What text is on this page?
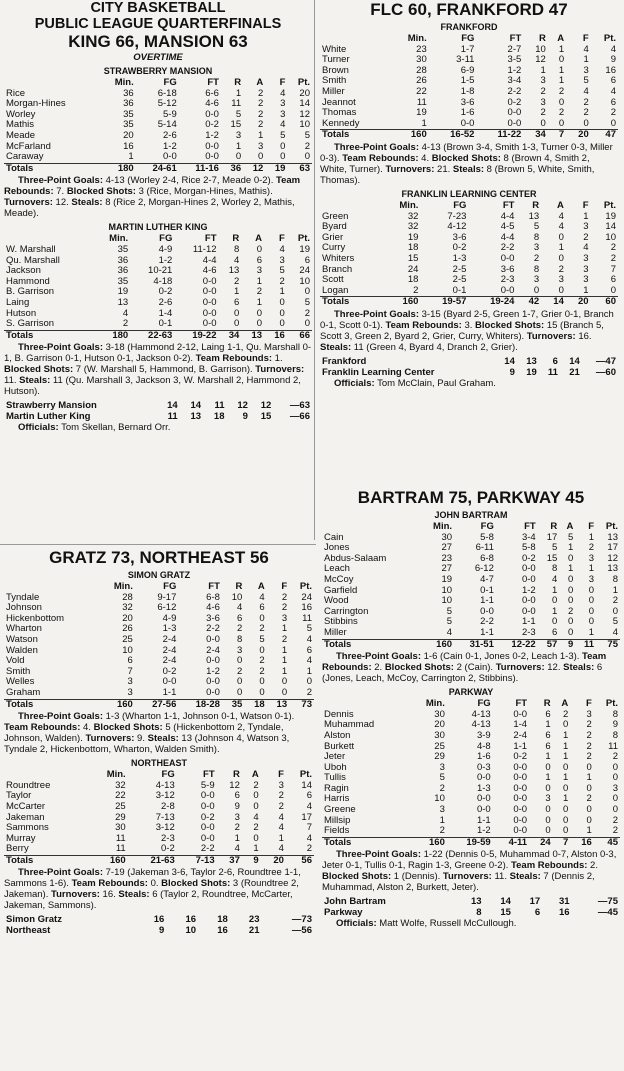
CITY BASKETBALL
PUBLIC LEAGUE QUARTERFINALS
KING 66, MANSION 63
OVERTIME
STRAWBERRY MANSION
	Min.	FG	FT	R	A	F	Pt.
Rice	36	6-18	6-6	1	2	4	20
Morgan-Hines	36	5-12	4-6	11	2	3	14
Worley	35	5-9	0-0	5	2	3	12
Mathis	35	5-14	0-2	15	2	4	10
Meade	20	2-6	1-2	3	1	5	5
McFarland	16	1-2	0-0	1	3	0	2
Caraway	1	0-0	0-0	0	0	0	0
Totals	180	24-61	11-16	36	12	19	63
Three-Point Goals: 4-13 (Worley 2-4, Rice 2-7, Meade 0-2). Team Rebounds: 7. Blocked Shots: 3 (Rice, Morgan-Hines, Mathis). Turnovers: 12. Steals: 8 (Rice 2, Morgan-Hines 2, Worley 2, Mathis, Meade).
MARTIN LUTHER KING
	Min.	FG	FT	R	A	F	Pt.
W. Marshall	35	4-9	11-12	8	0	4	19
Qu. Marshall	36	1-2	4-4	4	6	3	6
Jackson	36	10-21	4-6	13	3	5	24
Hammond	35	4-18	0-0	2	1	2	10
B. Garrison	19	0-2	0-0	1	2	1	0
Laing	13	2-6	0-0	6	1	0	5
Hutson	4	1-4	0-0	0	0	0	2
S. Garrison	2	0-1	0-0	0	0	0	0
Totals	180	22-63	19-22	34	13	16	66
Three-Point Goals: 3-18 (Hammond 2-12, Laing 1-1, Qu. Marshall 0-1, B. Garrison 0-1, Hutson 0-1, Jackson 0-2). Team Rebounds: 1. Blocked Shots: 7 (W. Marshall 5, Hammond, B. Garrison). Turnovers: 11. Steals: 11 (Qu. Marshall 3, Jackson 3, W. Marshall 2, Hammond 2, Hutson).
Strawberry Mansion	14	14	11	12	12	—63
Martin Luther King	11	13	18	9	15	—66
Officials: Tom Skellan, Bernard Orr.
FLC 60, FRANKFORD 47
FRANKFORD
	Min.	FG	FT	R	A	F	Pt.
White	23	1-7	2-7	10	1	4	4
Turner	30	3-11	3-5	12	0	1	9
Brown	28	6-9	1-2	1	1	3	16
Smith	26	1-5	3-4	3	1	5	6
Miller	22	1-8	2-2	2	2	4	4
Jeannot	11	3-6	0-2	3	0	2	6
Thomas	19	1-6	0-0	2	2	2	2
Kennedy	1	0-0	0-0	0	0	0	0
Totals	160	16-52	11-22	34	7	20	47
Three-Point Goals: 4-13 (Brown 3-4, Smith 1-3, Turner 0-3, Miller 0-3). Team Rebounds: 4. Blocked Shots: 8 (Brown 4, Smith 2, White, Turner). Turnovers: 21. Steals: 8 (Brown 5, White, Smith, Thomas).
FRANKLIN LEARNING CENTER
	Min.	FG	FT	R	A	F	Pt.
Green	32	7-23	4-4	13	4	1	19
Byard	32	4-12	4-5	5	4	3	14
Grier	19	3-6	4-4	8	0	2	10
Curry	18	0-2	2-2	3	1	4	2
Whiters	15	1-3	0-0	2	0	3	2
Branch	24	2-5	3-6	8	2	3	7
Scott	18	2-5	2-3	3	3	3	6
Logan	2	0-1	0-0	0	0	1	0
Totals	160	19-57	19-24	42	14	20	60
Three-Point Goals: 3-15 (Byard 2-5, Green 1-7, Grier 0-1, Branch 0-1, Scott 0-1). Team Rebounds: 3. Blocked Shots: 15 (Branch 5, Scott 3, Green 2, Byard 2, Grier, Curry, Whiters). Turnovers: 16. Steals: 11 (Green 4, Byard 4, Dranch 2, Grier).
Frankford	14	13	6	14	—47
Franklin Learning Center	9	19	11	21	—60
Officials: Tom McClain, Paul Graham.
GRATZ 73, NORTHEAST 56
SIMON GRATZ
	Min.	FG	FT	R	A	F	Pt.
Tyndale	28	9-17	6-8	10	4	2	24
Johnson	32	6-12	4-6	4	6	2	16
Hickenbottom	20	4-9	3-6	6	0	3	11
Wharton	26	1-3	2-2	2	2	1	5
Watson	25	2-4	0-0	8	5	2	4
Walden	10	2-4	2-4	3	0	1	6
Vold	6	2-4	0-0	0	2	1	4
Smith	7	0-2	1-2	2	2	1	1
Welles	3	0-0	0-0	0	0	0	0
Graham	3	1-1	0-0	0	0	0	2
Totals	160	27-56	18-28	35	18	13	73
Three-Point Goals: 1-3 (Wharton 1-1, Johnson 0-1, Watson 0-1). Team Rebounds: 4. Blocked Shots: 5 (Hickenbottom 2, Tyndale, Johnson, Walden). Turnovers: 9. Steals: 13 (Johnson 4, Watson 3, Tyndale 2, Hickenbottom, Wharton, Walden Smith).
NORTHEAST
	Min.	FG	FT	R	A	F	Pt.
Roundtree	32	4-13	5-9	12	2	3	14
Taylor	22	3-12	0-0	6	0	2	6
McCarter	25	2-8	0-0	9	0	2	4
Jakeman	29	7-13	0-2	3	4	4	17
Sammons	30	3-12	0-0	2	2	4	7
Murray	11	2-3	0-0	1	0	1	4
Berry	11	0-2	2-2	4	1	4	2
Totals	160	21-63	7-13	37	9	20	56
Three-Point Goals: 7-19 (Jakeman 3-6, Taylor 2-6, Roundtree 1-1, Sammons 1-6). Team Rebounds: 0. Blocked Shots: 3 (Roundtree 2, Jakeman). Turnovers: 16. Steals: 6 (Taylor 2, Roundtree, McCarter, Jakeman, Sammons).
Simon Gratz	16	16	18	23	—73
Northeast	9	10	16	21	—56
BARTRAM 75, PARKWAY 45
JOHN BARTRAM
	Min.	FG	FT	R	A	F	Pt.
Cain	30	5-8	3-4	17	5	1	13
Jones	27	6-11	5-8	5	1	2	17
Abdus-Salaam	23	6-8	0-2	15	0	3	12
Leach	27	6-12	0-0	8	1	1	13
McCoy	19	4-7	0-0	4	0	3	8
Garfield	10	0-1	1-2	1	0	0	1
Wood	10	1-1	0-0	0	0	0	2
Carrington	5	0-0	0-0	1	2	0	0
Stibbins	5	2-2	1-1	0	0	0	5
Miller	4	1-1	2-3	6	0	1	4
Totals	160	31-51	12-22	57	9	11	75
Three-Point Goals: 1-6 (Cain 0-1, Jones 0-2, Leach 1-3). Team Rebounds: 2. Blocked Shots: 2 (Cain). Turnovers: 12. Steals: 6 (Jones, Leach, McCoy, Carrington 2, Stibbins).
PARKWAY
	Min.	FG	FT	R	A	F	Pt.
Dennis	30	4-13	0-0	6	2	3	8
Muhammad	20	4-13	1-4	1	0	2	9
Alston	30	3-9	2-4	6	1	2	8
Burkett	25	4-8	1-1	6	1	2	11
Jeter	29	1-6	0-2	1	1	2	2
Uboh	3	0-3	0-0	0	0	0	0
Tullis	5	0-0	0-0	1	1	1	0
Ragin	2	1-3	0-0	0	0	0	3
Harris	10	0-0	0-0	3	1	2	0
Greene	3	0-0	0-0	0	0	0	0
Millsip	1	1-1	0-0	0	0	0	2
Fields	2	1-2	0-0	0	0	1	2
Totals	160	19-59	4-11	24	7	16	45
Three-Point Goals: 1-22 (Dennis 0-5, Muhammad 0-7, Alston 0-3, Jeter 0-1, Tullis 0-1, Ragin 1-3, Greene 0-2). Team Rebounds: 2. Blocked Shots: 1 (Dennis). Turnovers: 11. Steals: 7 (Dennis 2, Muhammad, Alston 2, Burkett, Jeter).
John Bartram	13	14	17	31	—75
Parkway	8	15	6	16	—45
Officials: Matt Wolfe, Russell McCullough.
